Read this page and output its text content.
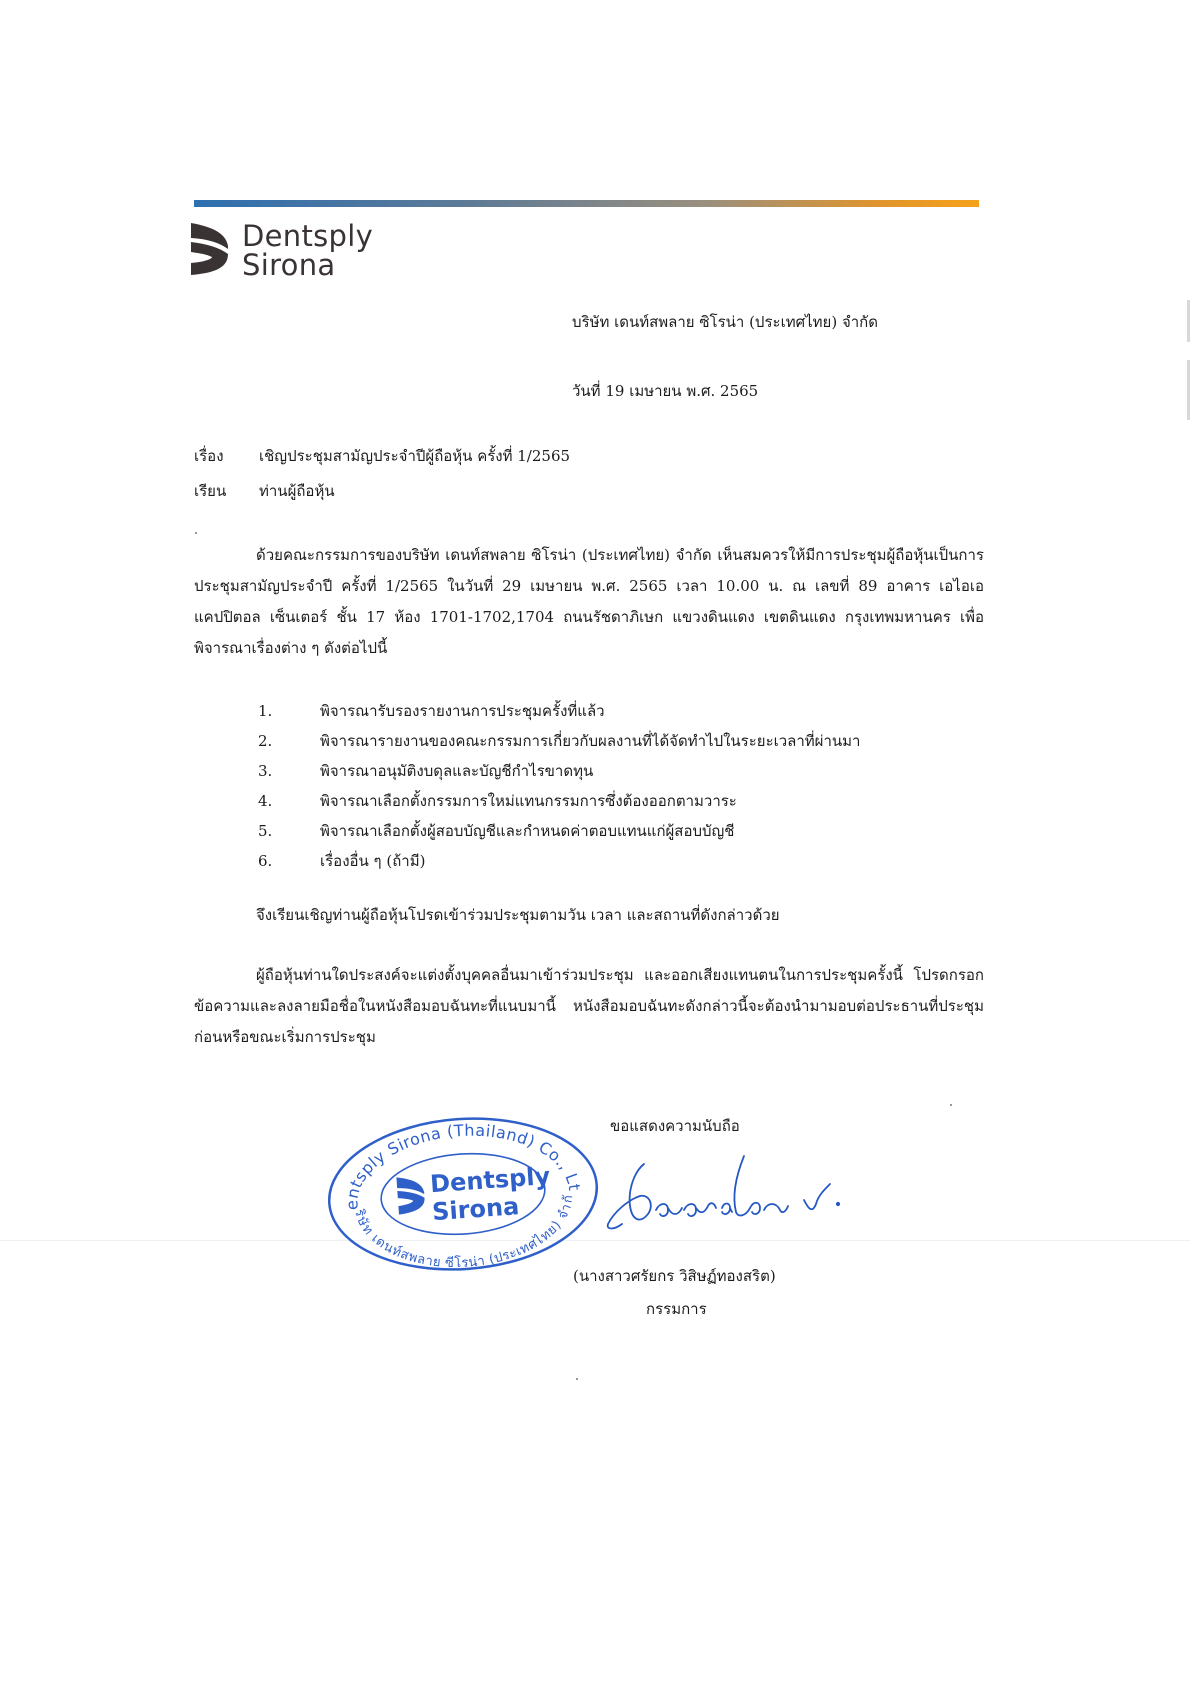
Dentsply
Sirona
บริษัท เดนท์สพลาย ซิโรน่า (ประเทศไทย) จำกัด
วันที่ 19 เมษายน พ.ศ. 2565
เรื่อง เชิญประชุมสามัญประจำปีผู้ถือหุ้น ครั้งที่ 1/2565
เรียน ท่านผู้ถือหุ้น

ด้วยคณะกรรมการของบริษัท เดนท์สพลาย ซิโรน่า (ประเทศไทย) จำกัด เห็นสมควรให้มีการประชุมผู้ถือหุ้นเป็นการประชุมสามัญประจำปี ครั้งที่ 1/2565 ในวันที่ 29 เมษายน พ.ศ. 2565 เวลา 10.00 น. ณ เลขที่ 89 อาคาร เอไอเอ แคปปิตอล เซ็นเตอร์ ชั้น 17 ห้อง 1701-1702,1704 ถนนรัชดาภิเษก แขวงดินแดง เขตดินแดง กรุงเทพมหานคร เพื่อพิจารณาเรื่องต่าง ๆ ดังต่อไปนี้

1.	พิจารณารับรองรายงานการประชุมครั้งที่แล้ว
2.	พิจารณารายงานของคณะกรรมการเกี่ยวกับผลงานที่ได้จัดทำไปในระยะเวลาที่ผ่านมา
3.	พิจารณาอนุมัติงบดุลและบัญชีกำไรขาดทุน
4.	พิจารณาเลือกตั้งกรรมการใหม่แทนกรรมการซึ่งต้องออกตามวาระ
5.	พิจารณาเลือกตั้งผู้สอบบัญชีและกำหนดค่าตอบแทนแก่ผู้สอบบัญชี
6.	เรื่องอื่น ๆ (ถ้ามี)

จึงเรียนเชิญท่านผู้ถือหุ้นโปรดเข้าร่วมประชุมตามวัน เวลา และสถานที่ดังกล่าวด้วย

ผู้ถือหุ้นท่านใดประสงค์จะแต่งตั้งบุคคลอื่นมาเข้าร่วมประชุม และออกเสียงแทนตนในการประชุมครั้งนี้ โปรดกรอกข้อความและลงลายมือชื่อในหนังสือมอบฉันทะที่แนบมานี้ หนังสือมอบฉันทะดังกล่าวนี้จะต้องนำมามอบต่อประธานที่ประชุมก่อนหรือขณะเริ่มการประชุม

ขอแสดงความนับถือ
Dentsply Sirona (Thailand) Co., Ltd.
บริษัท เดนท์สพลาย ซีโรน่า (ประเทศไทย) จำกัด
Dentsply
Sirona
(นางสาวศรัยกร วิสิษฏ์ทองสริต)
กรรมการ
